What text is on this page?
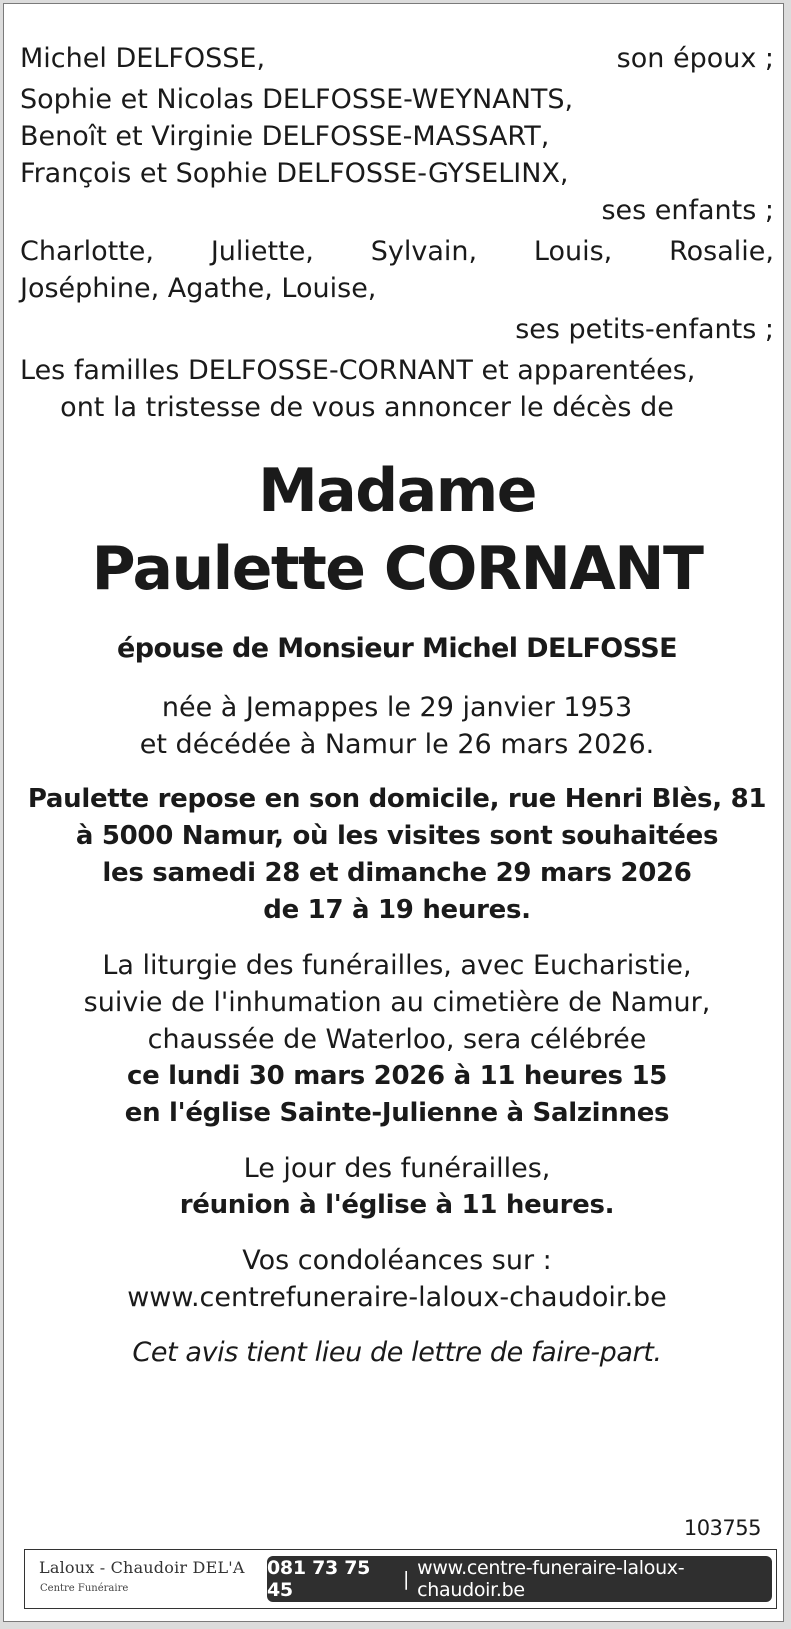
Michel DELFOSSE,	son époux ;
Sophie et Nicolas DELFOSSE-WEYNANTS,
Benoît et Virginie DELFOSSE-MASSART,
François et Sophie DELFOSSE-GYSELINX,
ses enfants ;
Charlotte, Juliette, Sylvain, Louis, Rosalie,
Joséphine, Agathe, Louise,
ses petits-enfants ;
Les familles DELFOSSE-CORNANT et apparentées,
ont la tristesse de vous annoncer le décès de
Madame
Paulette CORNANT
épouse de Monsieur Michel DELFOSSE
née à Jemappes le 29 janvier 1953
et décédée à Namur le 26 mars 2026.
Paulette repose en son domicile, rue Henri Blès, 81
à 5000 Namur, où les visites sont souhaitées
les samedi 28 et dimanche 29 mars 2026
de 17 à 19 heures.
La liturgie des funérailles, avec Eucharistie,
suivie de l'inhumation au cimetière de Namur,
chaussée de Waterloo, sera célébrée
ce lundi 30 mars 2026 à 11 heures 15
en l'église Sainte-Julienne à Salzinnes
Le jour des funérailles,
réunion à l'église à 11 heures.
Vos condoléances sur :
www.centrefuneraire-laloux-chaudoir.be
Cet avis tient lieu de lettre de faire-part.
103755
Laloux - Chaudoir DEL'A
Centre Funéraire
081 73 75 45	| www.centre-funeraire-laloux-chaudoir.be
